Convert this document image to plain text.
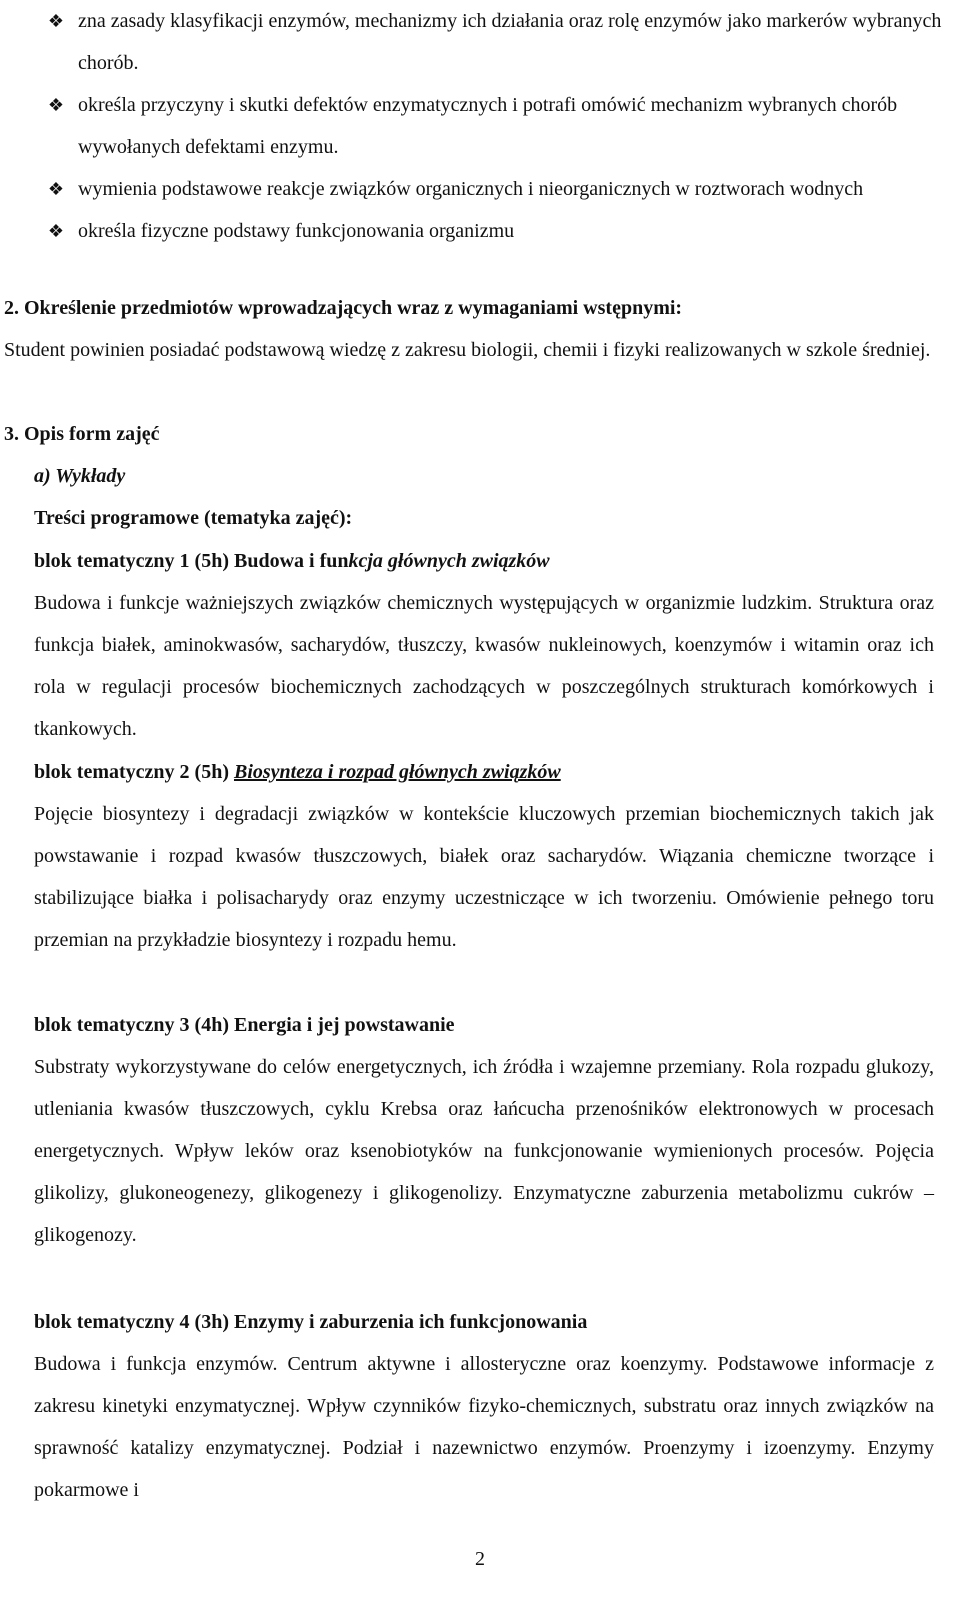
❖ zna zasady klasyfikacji enzymów, mechanizmy ich działania oraz rolę enzymów jako markerów wybranych chorób.
❖ określa przyczyny i skutki defektów enzymatycznych i potrafi omówić mechanizm wybranych chorób wywołanych defektami enzymu.
❖ wymienia podstawowe reakcje związków organicznych i nieorganicznych w roztworach wodnych
❖ określa fizyczne podstawy funkcjonowania organizmu
2. Określenie przedmiotów wprowadzających wraz z wymaganiami wstępnymi:

Student powinien posiadać podstawową wiedzę z zakresu biologii, chemii i fizyki realizowanych w szkole średniej.

3. Opis form zajęć
a) Wykłady
Treści programowe (tematyka zajęć):
blok tematyczny 1 (5h) Budowa i funkcja głównych związków

Budowa i funkcje ważniejszych związków chemicznych występujących w organizmie ludzkim. Struktura oraz funkcja białek, aminokwasów, sacharydów, tłuszczy, kwasów nukleinowych, koenzymów i witamin oraz ich rola w regulacji procesów biochemicznych zachodzących w poszczególnych strukturach komórkowych i tkankowych.

blok tematyczny 2 (5h) Biosynteza i rozpad głównych związków

Pojęcie biosyntezy i degradacji związków w kontekście kluczowych przemian biochemicznych takich jak powstawanie i rozpad kwasów tłuszczowych, białek oraz sacharydów. Wiązania chemiczne tworzące i stabilizujące białka i polisacharydy oraz enzymy uczestniczące w ich tworzeniu. Omówienie pełnego toru przemian na przykładzie biosyntezy i rozpadu hemu.

blok tematyczny 3 (4h) Energia i jej powstawanie

Substraty wykorzystywane do celów energetycznych, ich źródła i wzajemne przemiany. Rola rozpadu glukozy, utleniania kwasów tłuszczowych, cyklu Krebsa oraz łańcucha przenośników elektronowych w procesach energetycznych. Wpływ leków oraz ksenobiotyków na funkcjonowanie wymienionych procesów. Pojęcia glikolizy, glukoneogenezy, glikogenezy i glikogenolizy. Enzymatyczne zaburzenia metabolizmu cukrów – glikogenozy.

blok tematyczny 4 (3h) Enzymy i zaburzenia ich funkcjonowania

Budowa i funkcja enzymów. Centrum aktywne i allosteryczne oraz koenzymy. Podstawowe informacje z zakresu kinetyki enzymatycznej. Wpływ czynników fizyko-chemicznych, substratu oraz innych związków na sprawność katalizy enzymatycznej. Podział i nazewnictwo enzymów. Proenzymy i izoenzymy. Enzymy pokarmowe i

2
